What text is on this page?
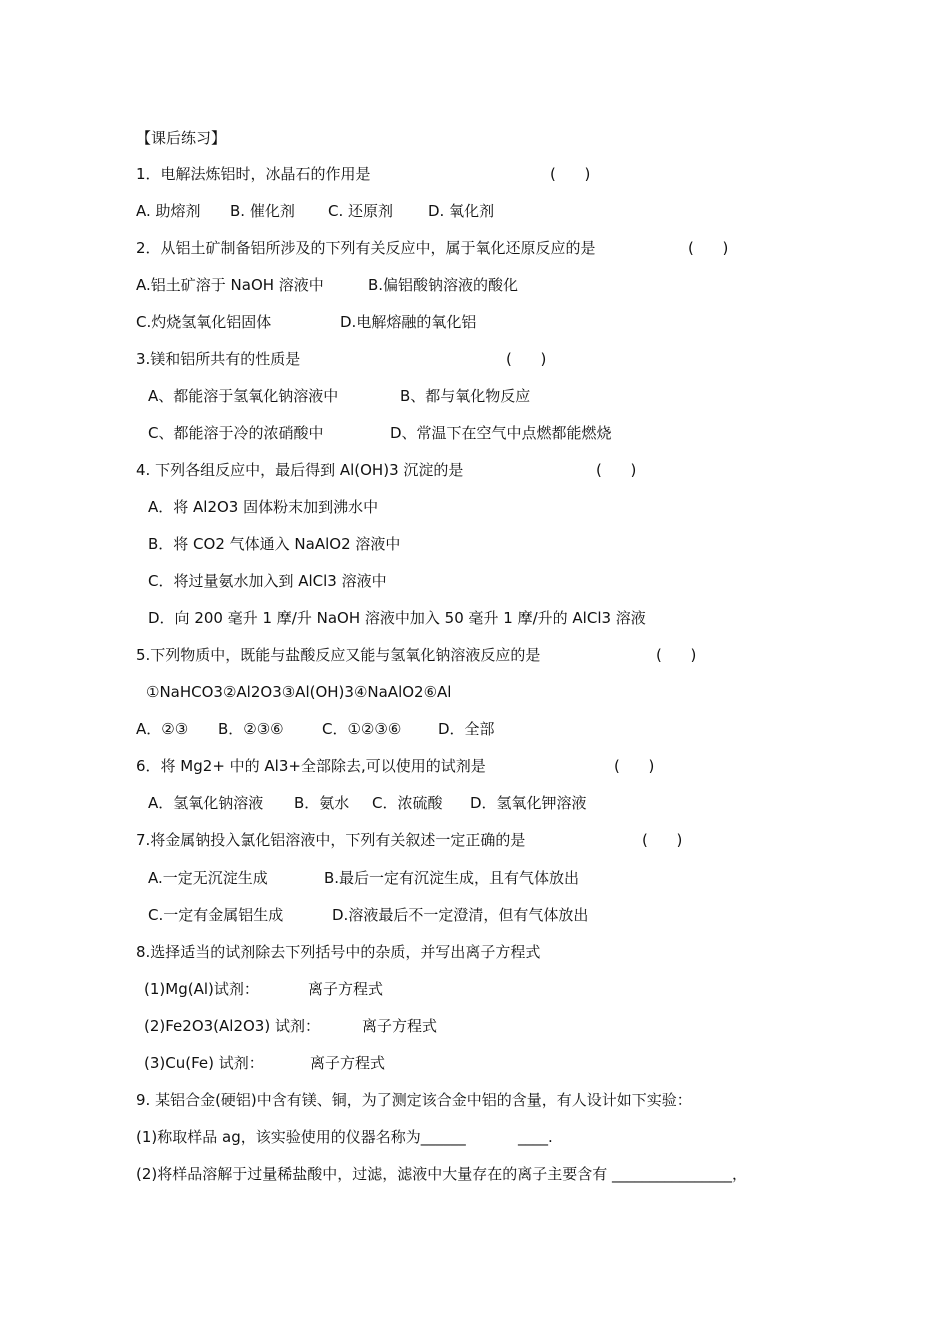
【课后练习】
1．电解法炼铝时，冰晶石的作用是	(      )
A. 助熔剂 B. 催化剂 C. 还原剂 D. 氧化剂
2．从铝土矿制备铝所涉及的下列有关反应中，属于氧化还原反应的是	(      )
A.铝土矿溶于 NaOH 溶液中	B.偏铝酸钠溶液的酸化
C.灼烧氢氧化铝固体	D.电解熔融的氧化铝
3.镁和铝所共有的性质是	(      )
A、都能溶于氢氧化钠溶液中	B、都与氧化物反应
C、都能溶于冷的浓硝酸中	D、常温下在空气中点燃都能燃烧
4. 下列各组反应中，最后得到 Al(OH)3 沉淀的是	(      )
A．将 Al2O3 固体粉末加到沸水中
B．将 CO2 气体通入 NaAlO2 溶液中
C．将过量氨水加入到 AlCl3 溶液中
D．向 200 毫升 1 摩/升 NaOH 溶液中加入 50 毫升 1 摩/升的 AlCl3 溶液
5.下列物质中，既能与盐酸反应又能与氢氧化钠溶液反应的是	(      )
①NaHCO3②Al2O3③Al(OH)3④NaAlO2⑥Al
A．②③ B．②③⑥	C．①②③⑥ D．全部
6．将 Mg2+ 中的 Al3+全部除去,可以使用的试剂是	(      )
A．氢氧化钠溶液 B．氨水 C．浓硫酸 D．氢氧化钾溶液
7.将金属钠投入氯化铝溶液中，下列有关叙述一定正确的是	(      )
A.一定无沉淀生成	B.最后一定有沉淀生成，且有气体放出
C.一定有金属铝生成	D.溶液最后不一定澄清，但有气体放出
8.选择适当的试剂除去下列括号中的杂质，并写出离子方程式
(1)Mg(Al)试剂：	离子方程式
(2)Fe2O3(Al2O3) 试剂：	离子方程式
(3)Cu(Fe) 试剂：	离子方程式
9. 某铝合金(硬铝)中含有镁、铜，为了测定该合金中铝的含量，有人设计如下实验：
(1)称取样品 ag，该实验使用的仪器名称为______	____.
(2)将样品溶解于过量稀盐酸中，过滤，滤液中大量存在的离子主要含有 ________________，
